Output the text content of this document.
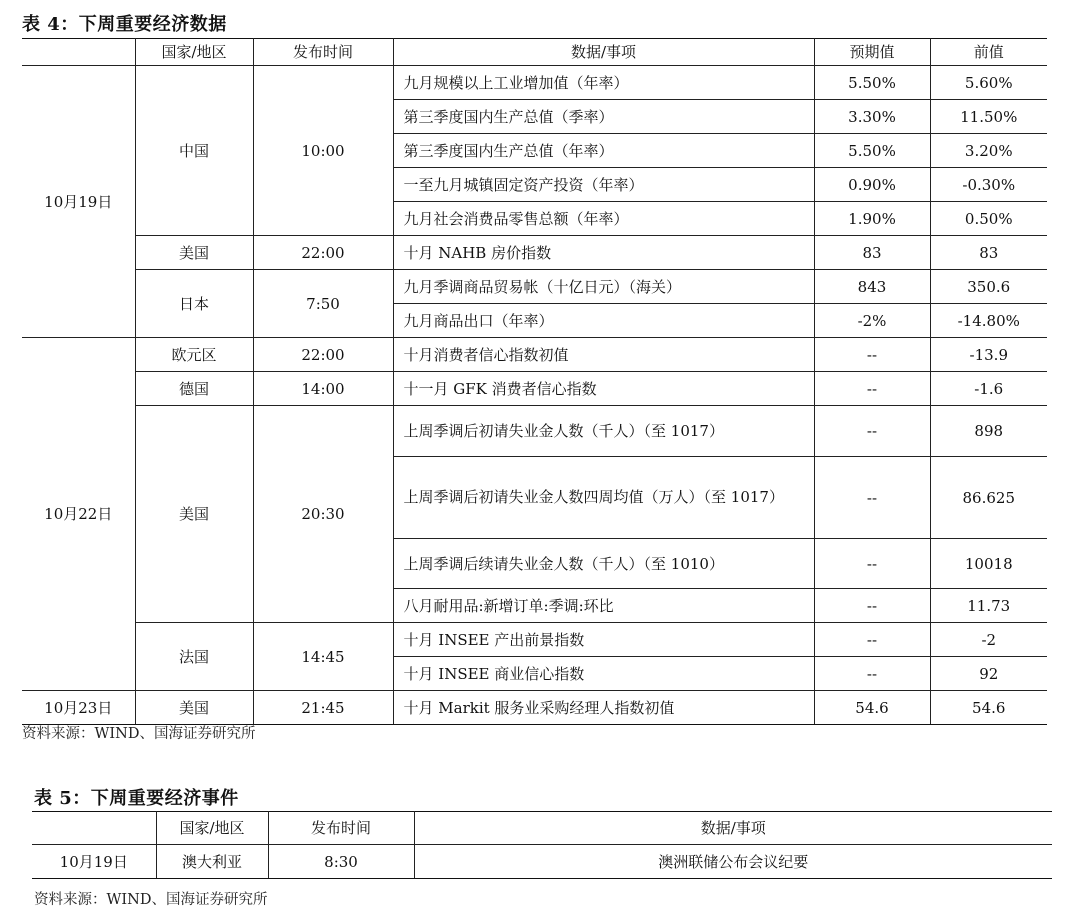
表 4：下周重要经济数据
	国家/地区	发布时间	数据/事项	预期值	前值
10月19日	中国	10:00	九月规模以上工业增加值（年率）	5.50%	5.60%
			第三季度国内生产总值（季率）	3.30%	11.50%
			第三季度国内生产总值（年率）	5.50%	3.20%
			一至九月城镇固定资产投资（年率）	0.90%	-0.30%
			九月社会消费品零售总额（年率）	1.90%	0.50%
	美国	22:00	十月 NAHB 房价指数	83	83
	日本	7:50	九月季调商品贸易帐（十亿日元）（海关）	843	350.6
			九月商品出口（年率）	-2%	-14.80%
10月22日	欧元区	22:00	十月消费者信心指数初值	--	-13.9
	德国	14:00	十一月 GFK 消费者信心指数	--	-1.6
	美国	20:30	上周季调后初请失业金人数（千人）（至 1017）	--	898
			上周季调后初请失业金人数四周均值（万人）（至 1017）	--	86.625
			上周季调后续请失业金人数（千人）（至 1010）	--	10018
			八月耐用品:新增订单:季调:环比	--	11.73
	法国	14:45	十月 INSEE 产出前景指数	--	-2
			十月 INSEE 商业信心指数	--	92
10月23日	美国	21:45	十月 Markit 服务业采购经理人指数初值	54.6	54.6
资料来源：WIND、国海证券研究所
表 5：下周重要经济事件
	国家/地区	发布时间	数据/事项
10月19日	澳大利亚	8:30	澳洲联储公布会议纪要
资料来源：WIND、国海证券研究所
